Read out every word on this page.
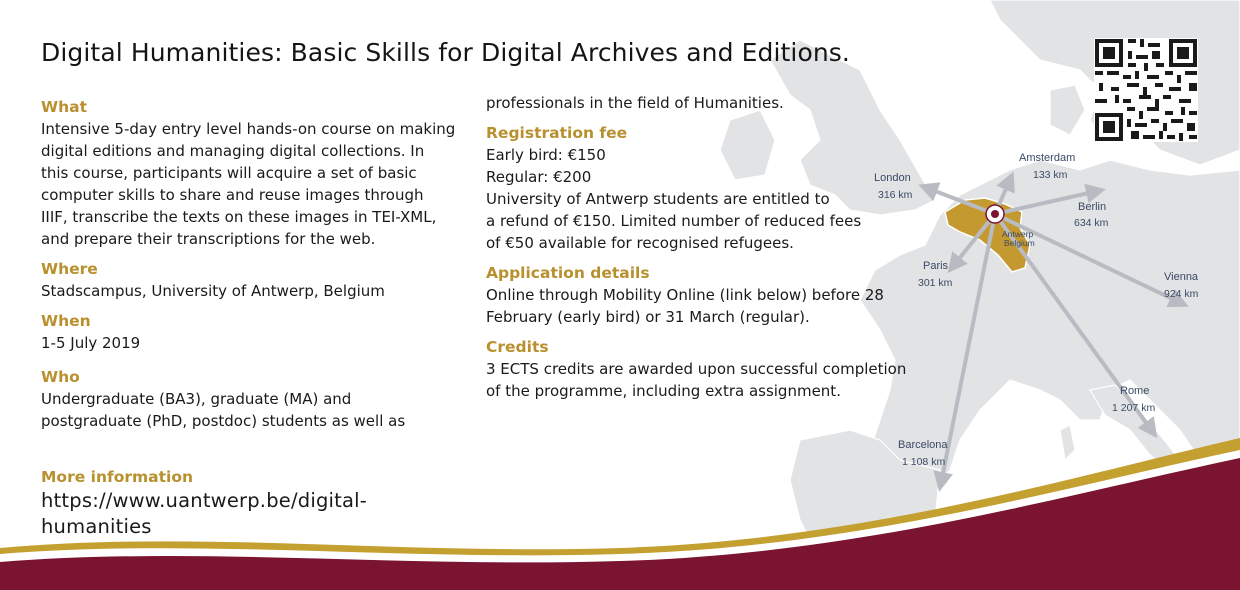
Antwerp
Belgium
London
316 km
Amsterdam
133 km
Berlin
634 km
Paris
301 km	Vienna
924 km
Rome
1 207 km
Barcelona
1 108 km
Digital Humanities: Basic Skills for Digital Archives and Editions.
What
Intensive 5-day entry level hands-on course on making
digital editions and managing digital collections. In
this course, participants will acquire a set of basic
computer skills to share and reuse images through
IIIF, transcribe the texts on these images in TEI-XML,
and prepare their transcriptions for the web.
Where
Stadscampus, University of Antwerp, Belgium
When
1-5 July 2019
Who
Undergraduate (BA3), graduate (MA) and
postgraduate (PhD, postdoc) students as well as
More information
https://www.uantwerp.be/digital-humanities
professionals in the field of Humanities.
Registration fee
Early bird: €150
Regular: €200
University of Antwerp students are entitled to
a refund of €150. Limited number of reduced fees
of €50 available for recognised refugees.
Application details
Online through Mobility Online (link below) before 28
February (early bird) or 31 March (regular).
Credits
3 ECTS credits are awarded upon successful completion
of the programme, including extra assignment.
